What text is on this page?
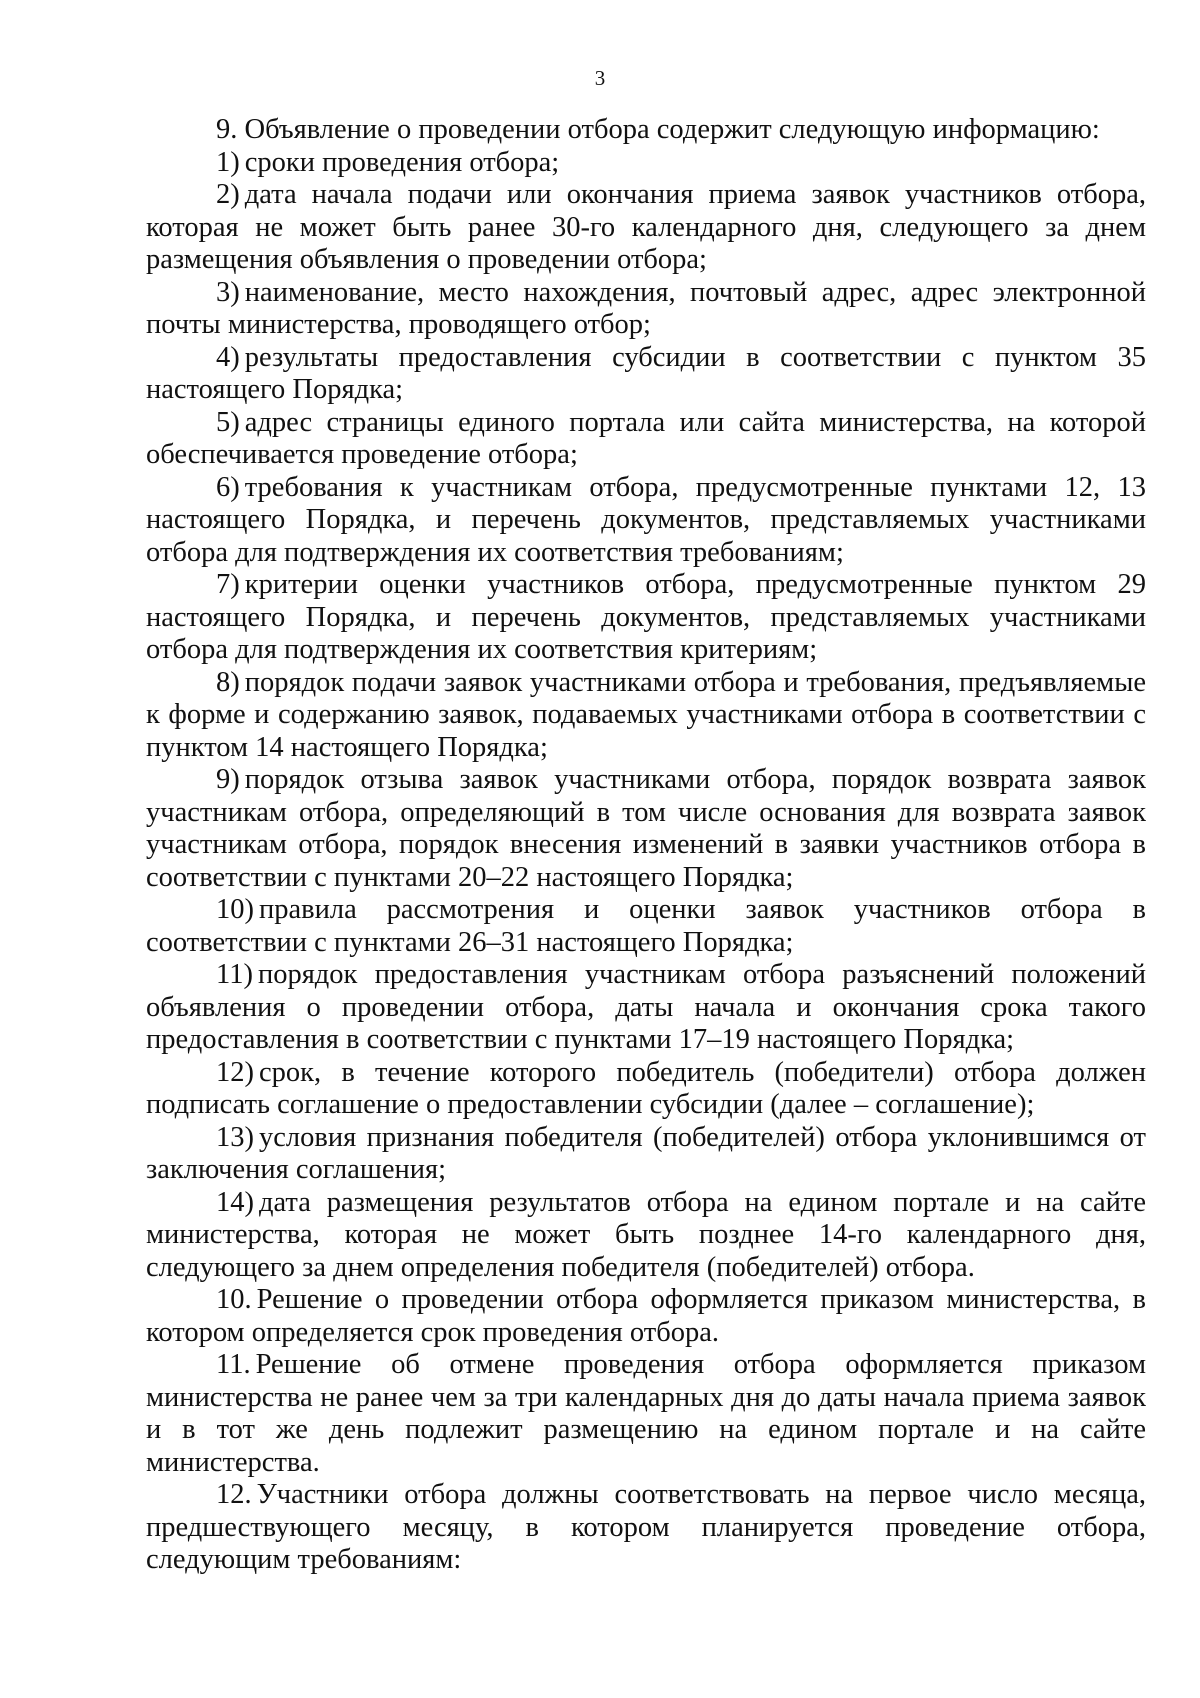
3

9. Объявление о проведении отбора содержит следующую информацию:

1) сроки проведения отбора;

2) дата начала подачи или окончания приема заявок участников отбора, которая не может быть ранее 30-го календарного дня, следующего за днем размещения объявления о проведении отбора;

3) наименование, место нахождения, почтовый адрес, адрес электронной почты министерства, проводящего отбор;

4) результаты предоставления субсидии в соответствии с пунктом 35 настоящего Порядка;

5) адрес страницы единого портала или сайта министерства, на которой обеспечивается проведение отбора;

6) требования к участникам отбора, предусмотренные пунктами 12, 13 настоящего Порядка, и перечень документов, представляемых участниками отбора для подтверждения их соответствия требованиям;

7) критерии оценки участников отбора, предусмотренные пунктом 29 настоящего Порядка, и перечень документов, представляемых участниками отбора для подтверждения их соответствия критериям;

8) порядок подачи заявок участниками отбора и требования, предъявляемые к форме и содержанию заявок, подаваемых участниками отбора в соответствии с пунктом 14 настоящего Порядка;

9) порядок отзыва заявок участниками отбора, порядок возврата заявок участникам отбора, определяющий в том числе основания для возврата заявок участникам отбора, порядок внесения изменений в заявки участников отбора в соответствии с пунктами 20–22 настоящего Порядка;

10) правила рассмотрения и оценки заявок участников отбора в соответствии с пунктами 26–31 настоящего Порядка;

11) порядок предоставления участникам отбора разъяснений положений объявления о проведении отбора, даты начала и окончания срока такого предоставления в соответствии с пунктами 17–19 настоящего Порядка;

12) срок, в течение которого победитель (победители) отбора должен подписать соглашение о предоставлении субсидии (далее – соглашение);

13) условия признания победителя (победителей) отбора уклонившимся от заключения соглашения;

14) дата размещения результатов отбора на едином портале и на сайте министерства, которая не может быть позднее 14-го календарного дня, следующего за днем определения победителя (победителей) отбора.

10. Решение о проведении отбора оформляется приказом министерства, в котором определяется срок проведения отбора.

11. Решение об отмене проведения отбора оформляется приказом министерства не ранее чем за три календарных дня до даты начала приема заявок и в тот же день подлежит размещению на едином портале и на сайте министерства.

12. Участники отбора должны соответствовать на первое число месяца, предшествующего месяцу, в котором планируется проведение отбора, следующим требованиям:
